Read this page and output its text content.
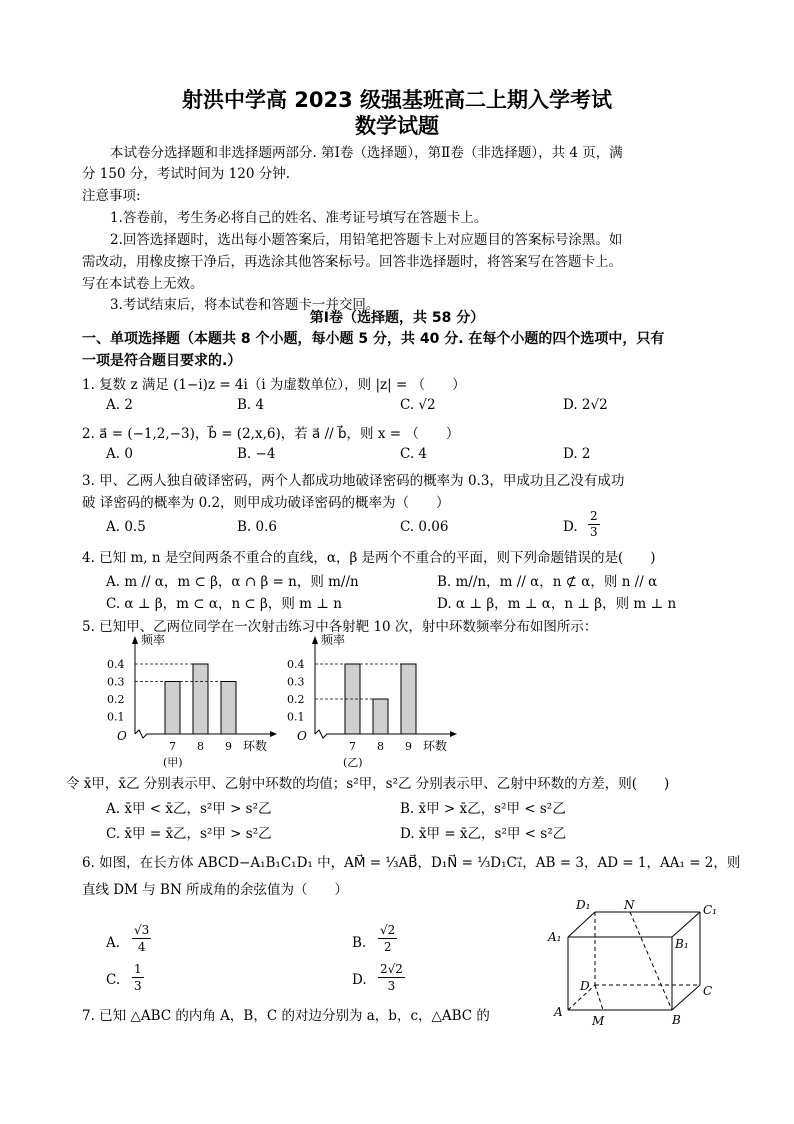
射洪中学高 2023 级强基班高二上期入学考试
数学试题
本试卷分选择题和非选择题两部分. 第Ⅰ卷（选择题），第Ⅱ卷（非选择题），共 4 页，满
分 150 分，考试时间为 120 分钟.
注意事项:
1.答卷前，考生务必将自己的姓名、准考证号填写在答题卡上。
2.回答选择题时，选出每小题答案后，用铅笔把答题卡上对应题目的答案标号涂黑。如
需改动，用橡皮擦干净后，再选涂其他答案标号。回答非选择题时，将答案写在答题卡上。
写在本试卷上无效。
3.考试结束后，将本试卷和答题卡一并交回。
第Ⅰ卷（选择题，共 58 分）
一、单项选择题（本题共 8 个小题，每小题 5 分，共 40 分. 在每个小题的四个选项中，只有
一项是符合题目要求的.）
1. 复数 z 满足 (1−i)z = 4i（i 为虚数单位），则 |z| = （　　）
A. 2	B. 4	C. √2	D. 2√2
2. a⃗ = (−1,2,−3)，b⃗ = (2,x,6)，若 a⃗ // b⃗，则 x = （　　）
A. 0	B. −4	C. 4	D. 2
3. 甲、乙两人独自破译密码，两个人都成功地破译密码的概率为 0.3，甲成功且乙没有成功
破 译密码的概率为 0.2，则甲成功破译密码的概率为（　　）
A. 0.5	B. 0.6	C. 0.06	D. $\frac{2}{3}$
4. 已知 m, n 是空间两条不重合的直线，α，β 是两个不重合的平面，则下列命题错误的是(　　)
A. m // α，m ⊂ β，α ∩ β = n，则 m//n	B. m//n，m // α，n ⊄ α，则 n // α
C. α ⊥ β，m ⊂ α，n ⊂ β，则 m ⊥ n	D. α ⊥ β，m ⊥ α，n ⊥ β，则 m ⊥ n
5. 已知甲、乙两位同学在一次射击练习中各射靶 10 次，射中环数频率分布如图所示：
O
频率
0.4
0.3
0.2
0.1
7 8 9 环数
(甲)
O
频率
0.4
0.3
0.2
0.1
7 8 9 环数
(乙)
令 x̄甲，x̄乙 分别表示甲、乙射中环数的均值；s²甲，s²乙 分别表示甲、乙射中环数的方差，则(　　)
A. x̄甲 < x̄乙，s²甲 > s²乙	B. x̄甲 > x̄乙，s²甲 < s²乙
C. x̄甲 = x̄乙，s²甲 > s²乙	D. x̄甲 = x̄乙，s²甲 < s²乙
6. 如图，在长方体 ABCD−A₁B₁C₁D₁ 中，AM⃗ = ⅓AB⃗，D₁N⃗ = ⅓D₁C₁⃗，AB = 3，AD = 1，AA₁ = 2，则
直线 DM 与 BN 所成角的余弦值为（　　）
A. $\frac{√3}{4}$	B. $\frac{√2}{2}$
C. $\frac{1}{3}$	D. $\frac{2√2}{3}$
D₁	N	C₁
A₁	B₁
D	C
A
M	B
7. 已知 △ABC 的内角 A，B，C 的对边分别为 a，b，c，△ABC 的
